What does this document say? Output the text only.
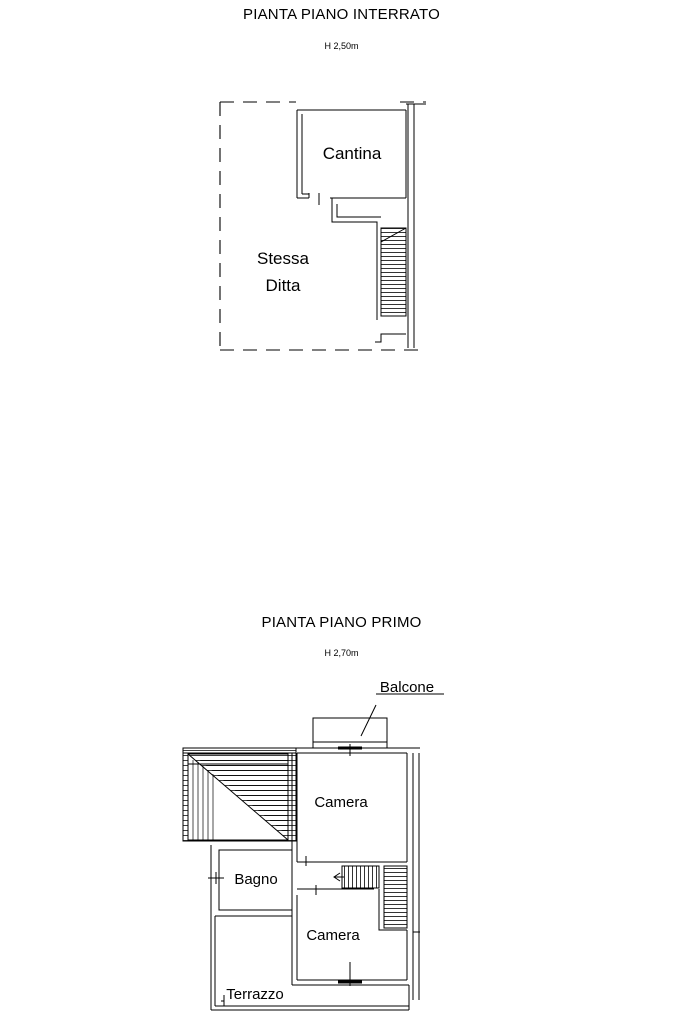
PIANTA PIANO INTERRATO
H 2,50m
PIANTA PIANO PRIMO
H 2,70m
Cantina
Stessa
Ditta
Balcone
Camera
Bagno
Camera
Terrazzo
